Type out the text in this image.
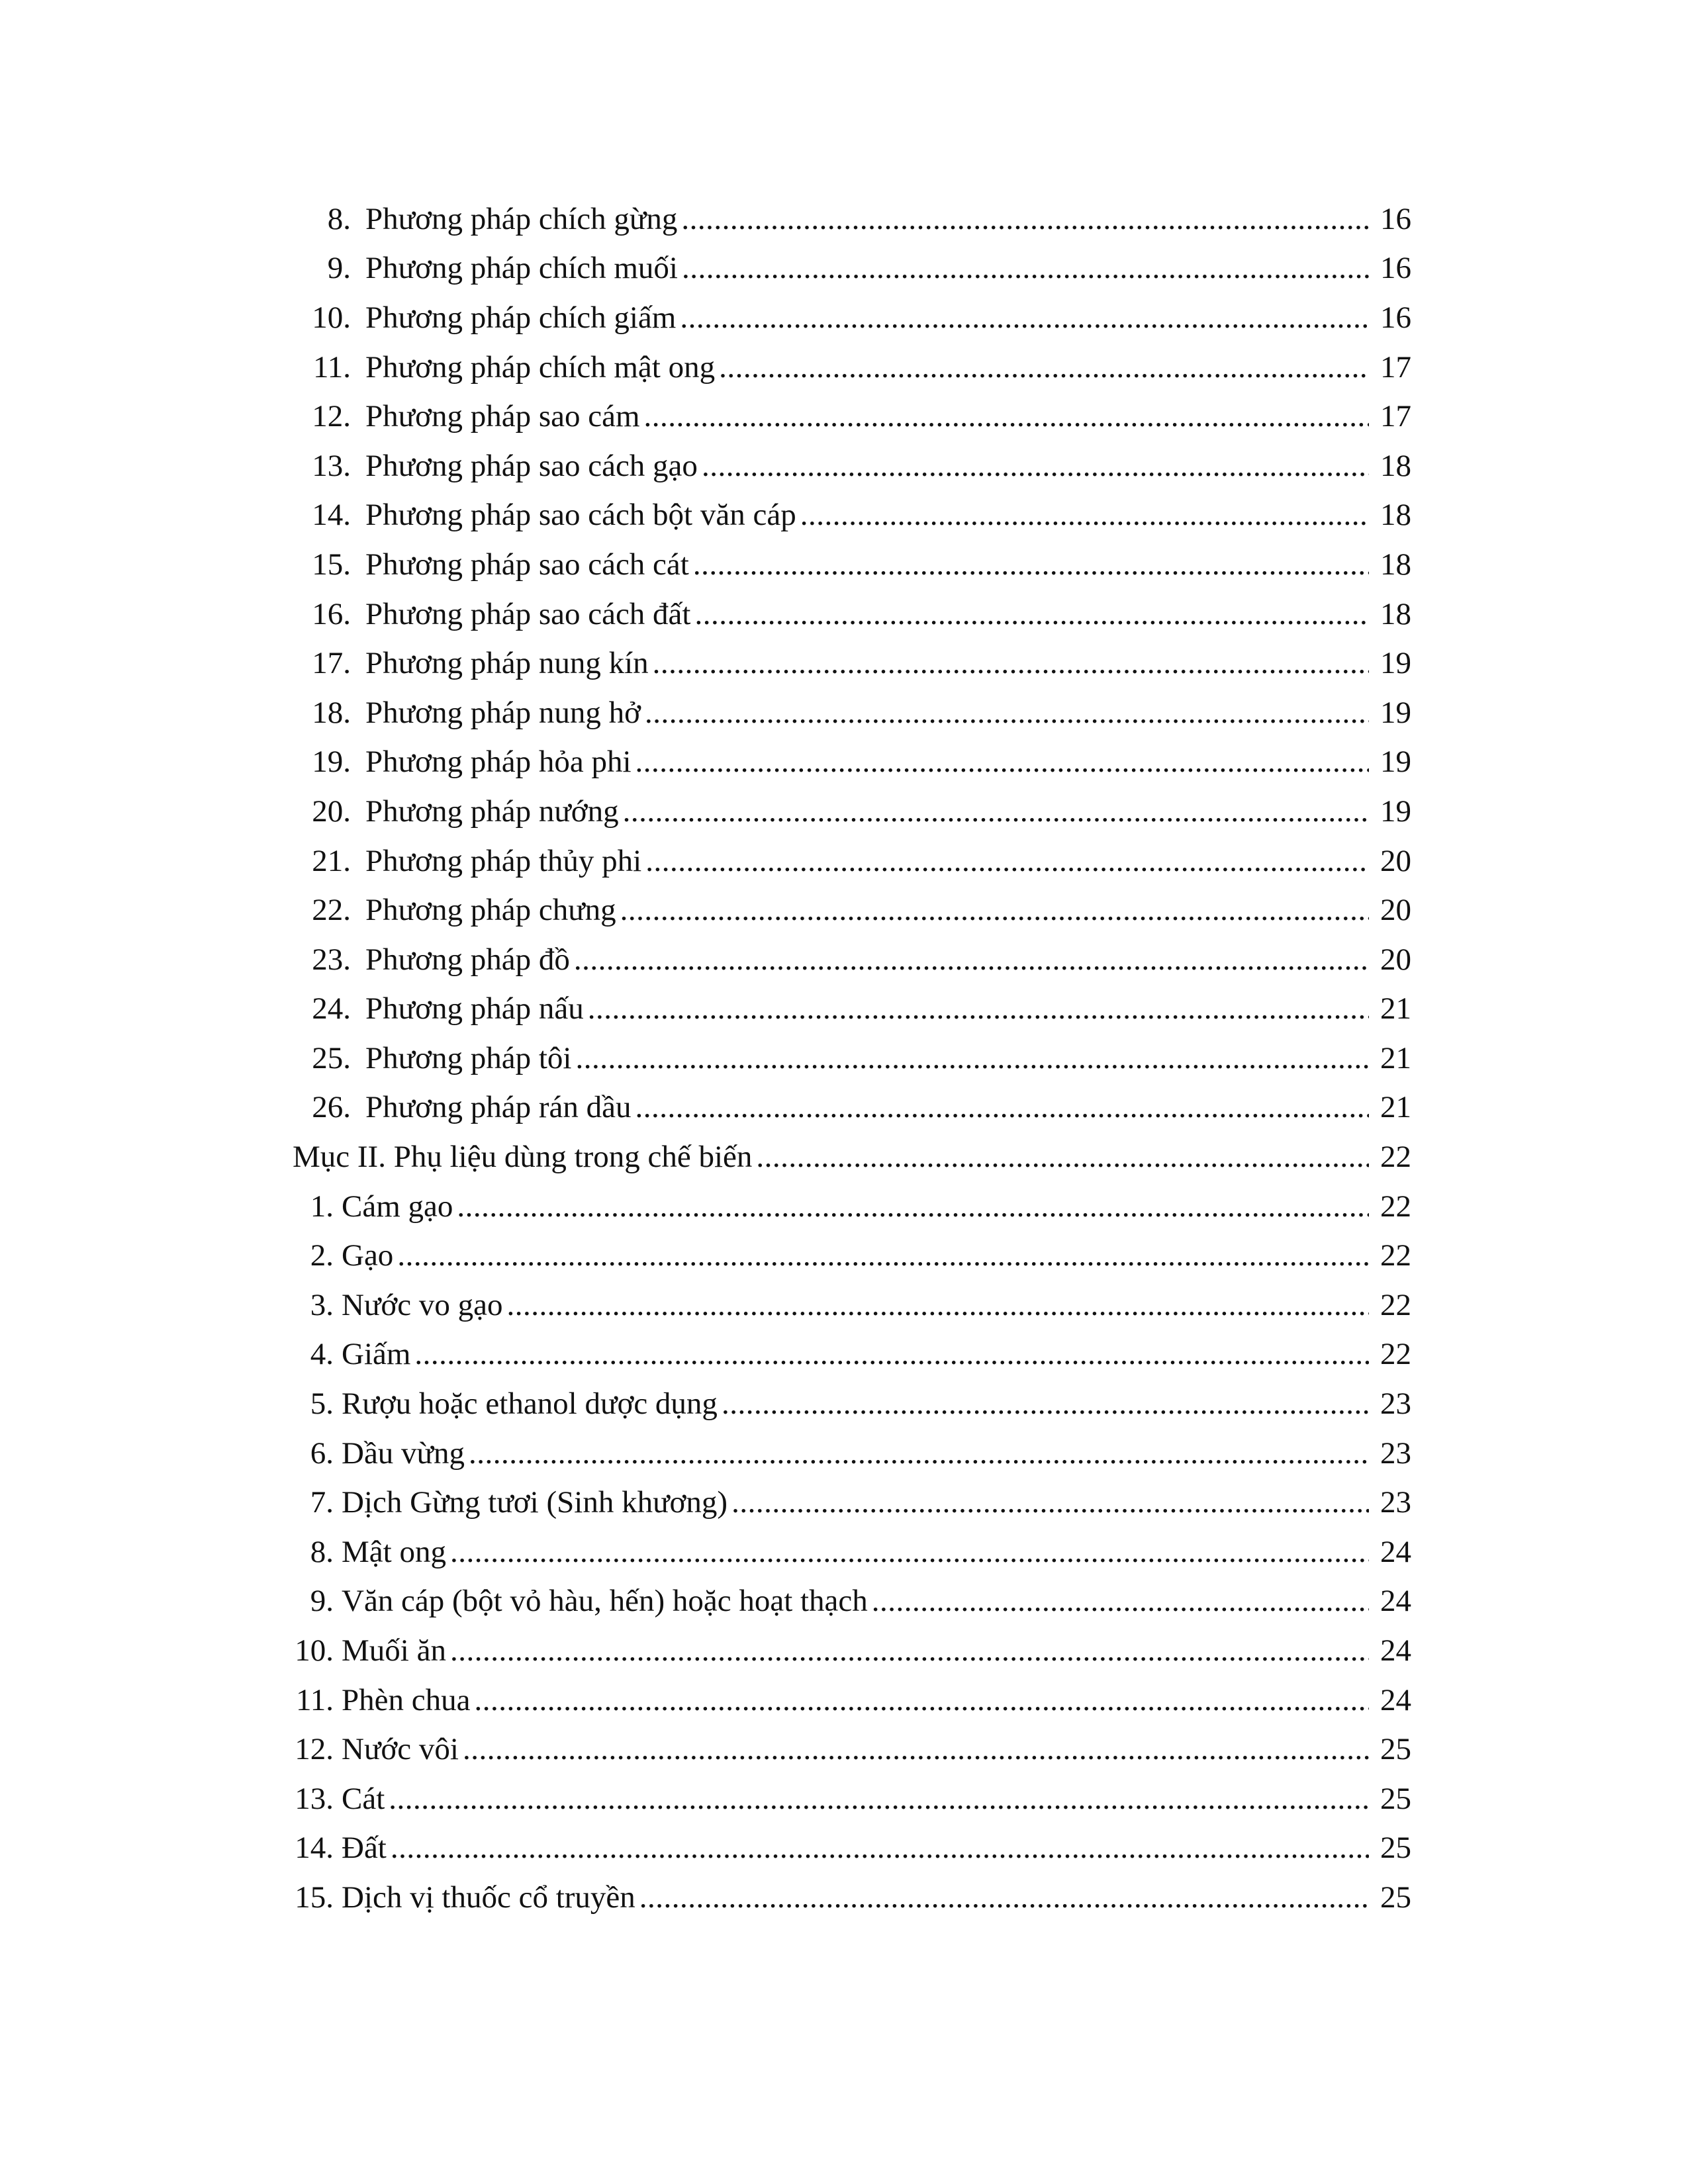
8. Phương pháp chích gừng .....	16
9. Phương pháp chích muối .....	16
10. Phương pháp chích giấm .....	16
11. Phương pháp chích mật ong .....	17
12. Phương pháp sao cám .....	17
13. Phương pháp sao cách gạo .....	18
14. Phương pháp sao cách bột văn cáp .....	18
15. Phương pháp sao cách cát .....	18
16. Phương pháp sao cách đất .....	18
17. Phương pháp nung kín .....	19
18. Phương pháp nung hở .....	19
19. Phương pháp hỏa phi .....	19
20. Phương pháp nướng .....	19
21. Phương pháp thủy phi .....	20
22. Phương pháp chưng .....	20
23. Phương pháp đồ .....	20
24. Phương pháp nấu .....	21
25. Phương pháp tôi .....	21
26. Phương pháp rán dầu .....	21
Mục II. Phụ liệu dùng trong chế biến .....	22
1. Cám gạo .....	22
2. Gạo .....	22
3. Nước vo gạo .....	22
4. Giấm .....	22
5. Rượu hoặc ethanol dược dụng .....	23
6. Dầu vừng .....	23
7. Dịch Gừng tươi (Sinh khương) .....	23
8. Mật ong .....	24
9. Văn cáp (bột vỏ hàu, hến) hoặc hoạt thạch .....	24
10. Muối ăn .....	24
11. Phèn chua .....	24
12. Nước vôi .....	25
13. Cát .....	25
14. Đất .....	25
15. Dịch vị thuốc cổ truyền .....	25
